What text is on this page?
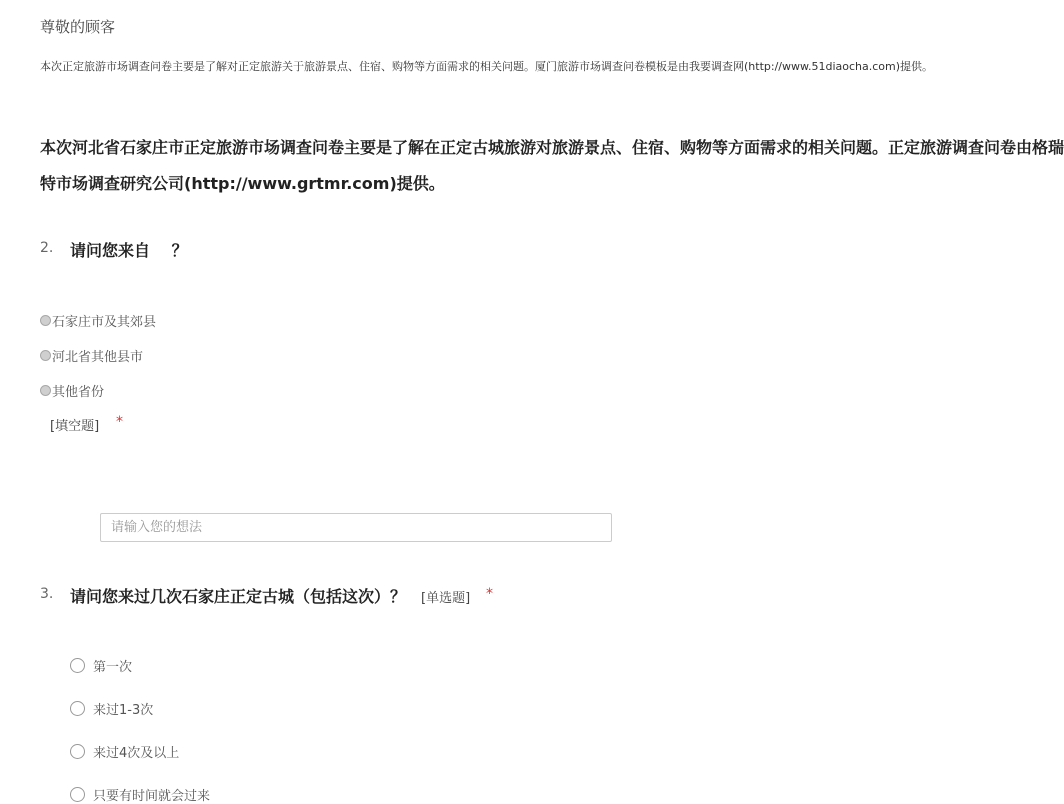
尊敬的顾客
本次正定旅游市场调查问卷主要是了解对正定旅游关于旅游景点、住宿、购物等方面需求的相关问题。厦门旅游市场调查问卷模板是由我要调查网(http://www.51diaocha.com)提供。
本次河北省石家庄市正定旅游市场调查问卷主要是了解在正定古城旅游对旅游景点、住宿、购物等方面需求的相关问题。正定旅游调查问卷由格瑞
特市场调查研究公司(http://www.grtmr.com)提供。
2. 请问您来自　 ？
石家庄市及其郊县
河北省其他县市
其他省份
[填空题] *
请输入您的想法
3. 请问您来过几次石家庄正定古城（包括这次）？ [单选题] *
第一次
来过1-3次
来过4次及以上
只要有时间就会过来
